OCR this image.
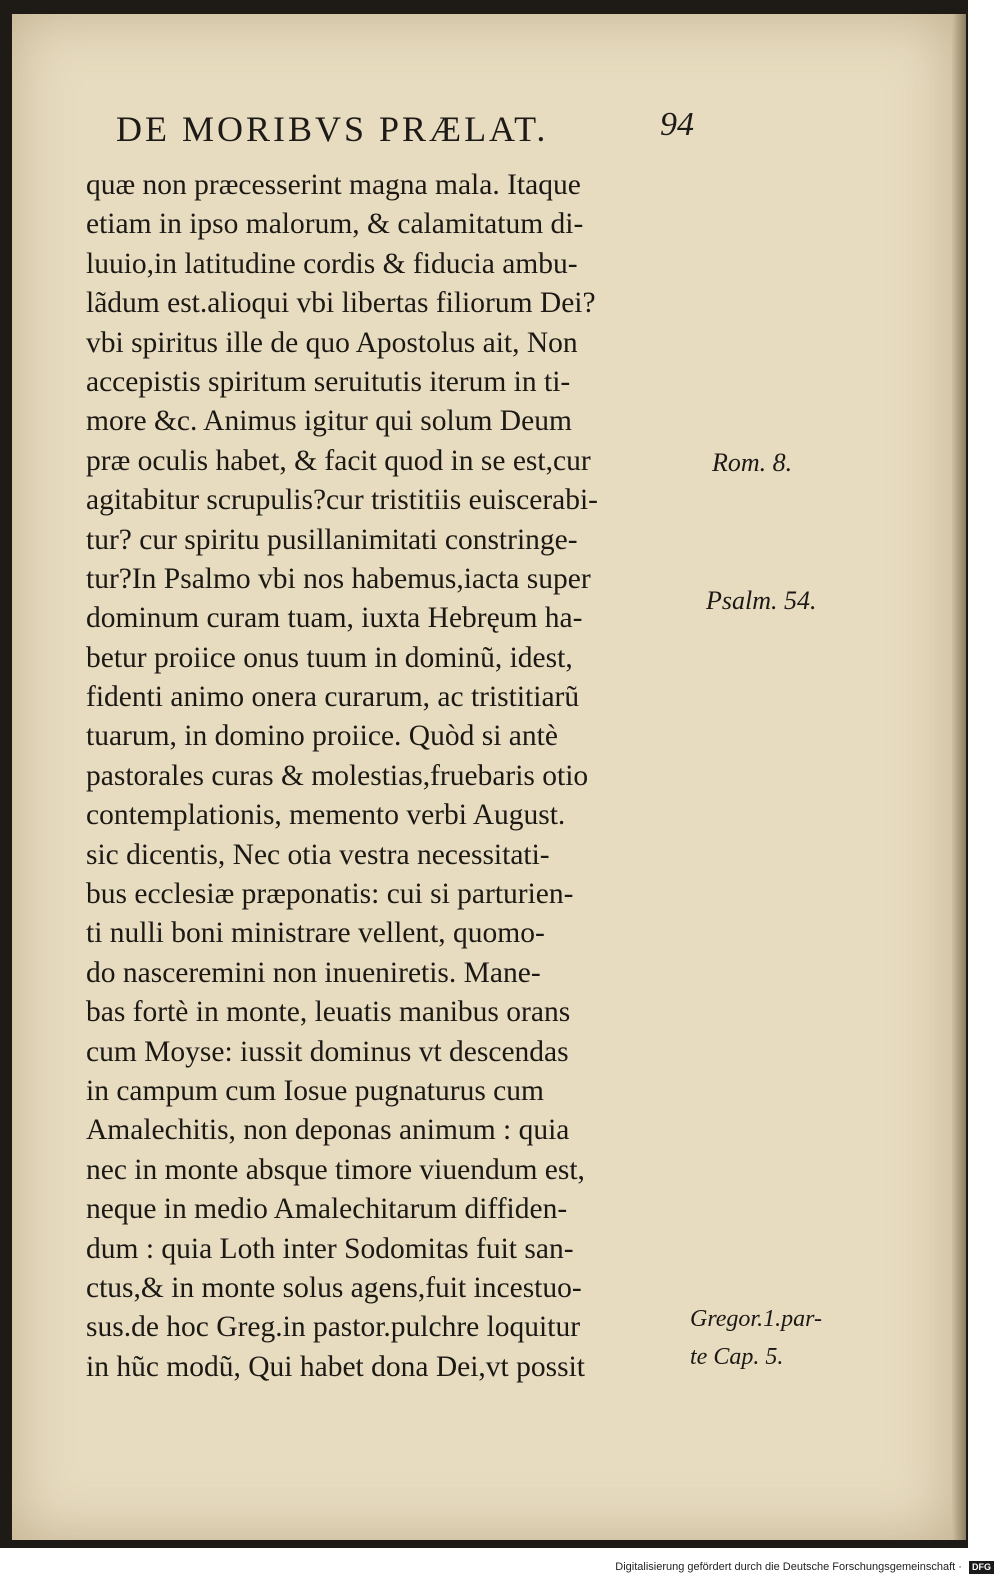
DE MORIBVS PRÆLAT.	94
quæ non præcesserint magna mala. Itaque
etiam in ipso malorum, & calamitatum di-
luuio,in latitudine cordis & fiducia ambu-
lãdum est.alioqui vbi libertas filiorum Dei?
vbi spiritus ille de quo Apostolus ait, Non
accepistis spiritum seruitutis iterum in ti-
more &c. Animus igitur qui solum Deum
præ oculis habet, & facit quod in se est,cur
agitabitur scrupulis?cur tristitiis euiscerabi-
tur? cur spiritu pusillanimitati constringe-
tur?In Psalmo vbi nos habemus,iacta super
dominum curam tuam, iuxta Hebręum ha-
betur proiice onus tuum in dominũ, idest,
fidenti animo onera curarum, ac tristitiarũ
tuarum, in domino proiice. Quòd si antè
pastorales curas & molestias,fruebaris otio
contemplationis, memento verbi August.
sic dicentis, Nec otia vestra necessitati-
bus ecclesiæ præponatis: cui si parturien-
ti nulli boni ministrare vellent, quomo-
do nasceremini non inueniretis. Mane-
bas fortè in monte, leuatis manibus orans
cum Moyse: iussit dominus vt descendas
in campum cum Iosue pugnaturus cum
Amalechitis, non deponas animum : quia
nec in monte absque timore viuendum est,
neque in medio Amalechitarum diffiden-
dum : quia Loth inter Sodomitas fuit san-
ctus,& in monte solus agens,fuit incestuo-
sus.de hoc Greg.in pastor.pulchre loquitur
in hũc modũ, Qui habet dona Dei,vt possit
Rom. 8.
Psalm. 54.
Gregor.1.par-
te Cap. 5.
Digitalisierung gefördert durch die Deutsche Forschungsgemeinschaft · DFG
